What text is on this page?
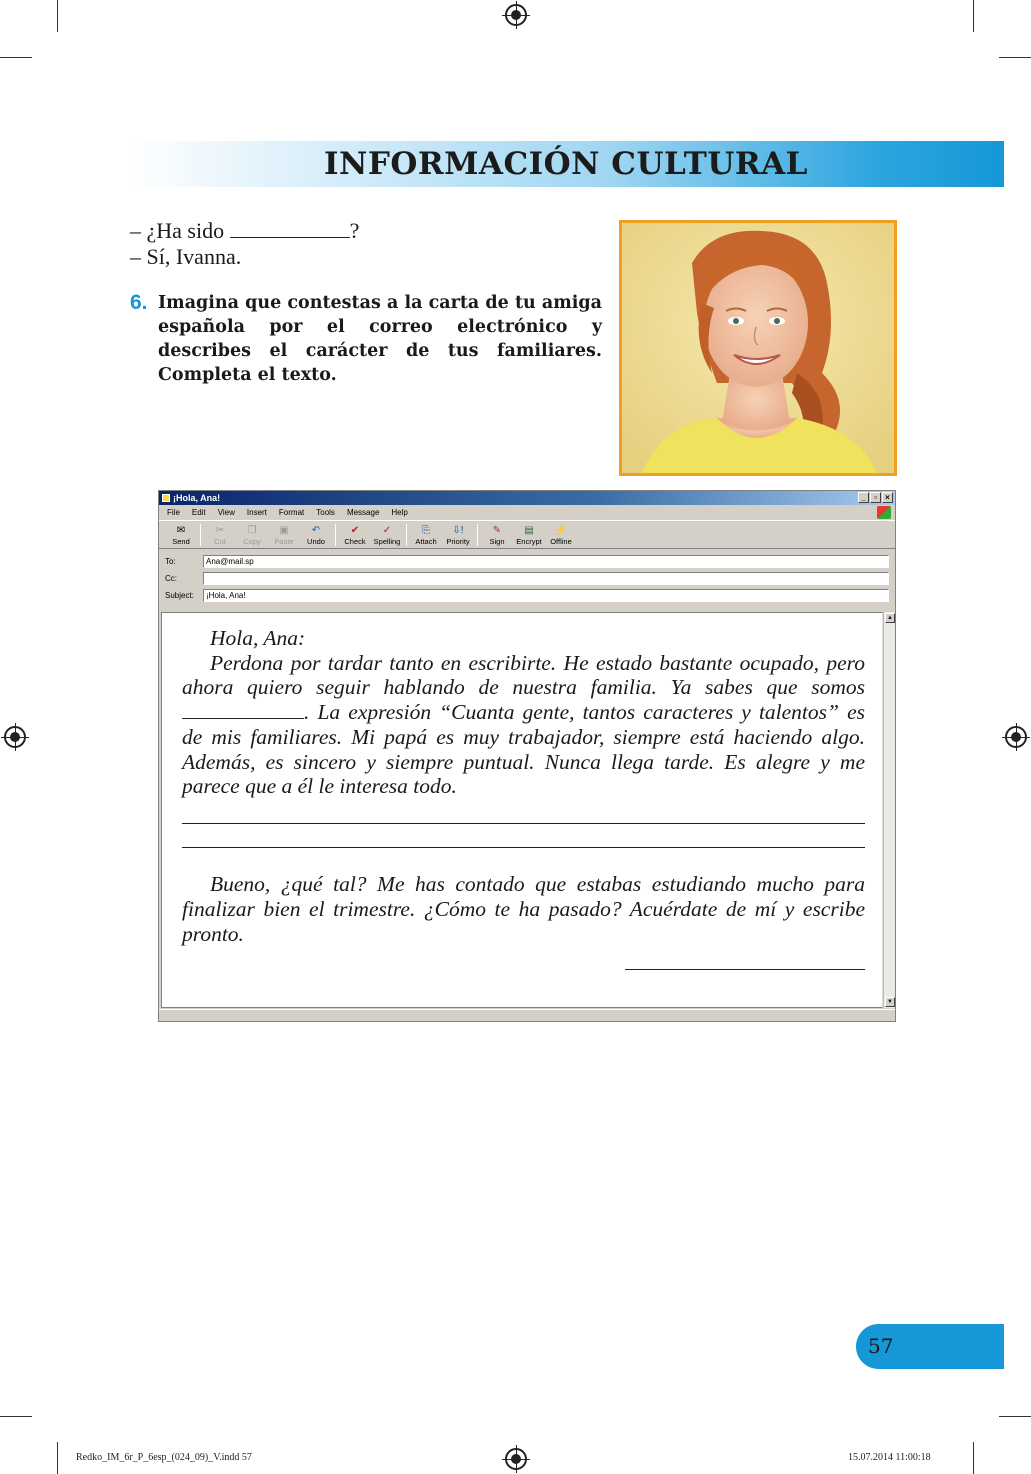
INFORMACIÓN CULTURAL
– ¿Ha sido	?
– Sí, Ivanna.
6. Imagina que contestas a la carta de tu amiga española por el correo electrónico y describes el carácter de tus familiares. Completa el texto.
¡Hola, Ana!	_	▫	×
File Edit View Insert Format Tools Message Help
✉
Send
✂
Cut
❐
Copy
▣
Paste
↶
Undo
✔
Check
✓
Spelling
⎘
Attach
⇩!
Priority
✎
Sign
▤
Encrypt
⚡
Offline
To:	Ana@mail.sp
Cc:
Subject:	¡Hola, Ana!

Hola, Ana:

Perdona por tardar tanto en escribirte. He estado bastante ocupado, pero ahora quiero seguir hablando de nuestra familia. Ya sabes que somos . La expresión “Cuanta gente, tantos caracteres y talentos” es de mis familiares. Mi papá es muy trabajador, siempre está haciendo algo. Además, es sincero y siempre puntual. Nunca llega tarde. Es alegre y me parece que a él le interesa todo.

Bueno, ¿qué tal? Me has contado que estabas estudiando mucho para finalizar bien el trimestre. ¿Cómo te ha pasado? Acuérdate de mí y escribe pronto.

▲
▼
57
Redko_IM_6r_P_6esp_(024_09)_V.indd 57	15.07.2014 11:00:18
